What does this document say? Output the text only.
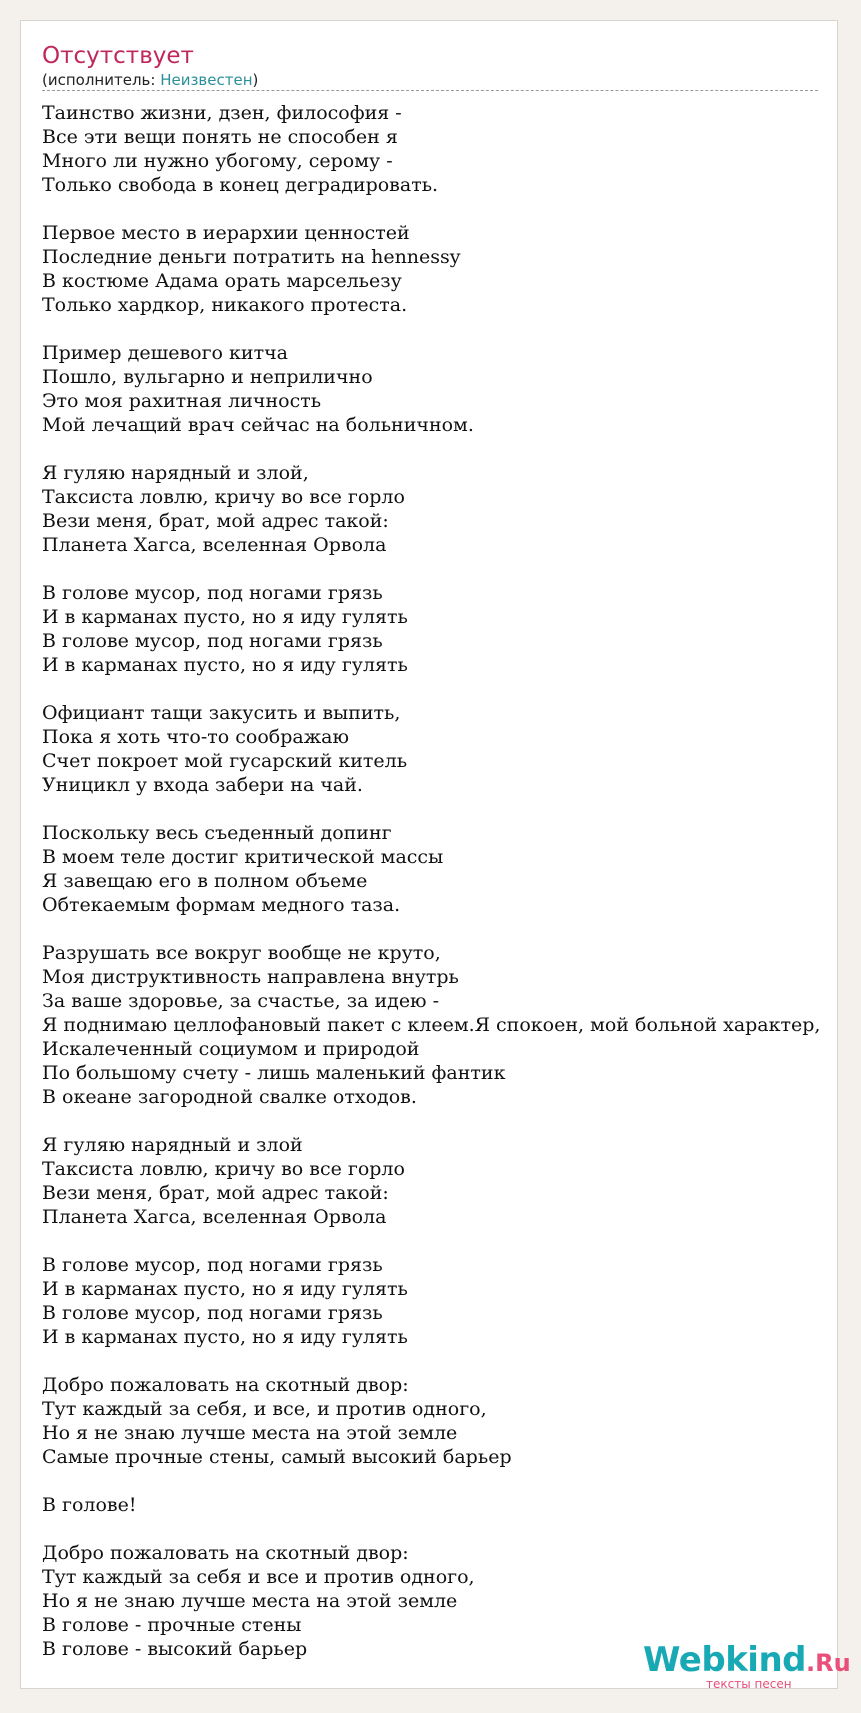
Отсутствует
(исполнитель: Неизвестен)
Таинство жизни, дзен, философия -
Все эти вещи понять не способен я
Много ли нужно убогому, серому -
Только свобода в конец деградировать.

Первое место в иерархии ценностей
Последние деньги потратить на hennessy
В костюме Адама орать марсельезу
Только хардкор, никакого протеста.

Пример дешевого китча
Пошло, вульгарно и неприлично
Это моя рахитная личность
Мой лечащий врач сейчас на больничном.

Я гуляю нарядный и злой,
Таксиста ловлю, кричу во все горло
Вези меня, брат, мой адрес такой:
Планета Хагса, вселенная Орвола

В голове мусор, под ногами грязь
И в карманах пусто, но я иду гулять
В голове мусор, под ногами грязь
И в карманах пусто, но я иду гулять

Официант тащи закусить и выпить,
Пока я хоть что-то соображаю
Счет покроет мой гусарский китель
Уницикл у входа забери на чай.

Поскольку весь съеденный допинг
В моем теле достиг критической массы
Я завещаю его в полном объеме
Обтекаемым формам медного таза.

Разрушать все вокруг вообще не круто,
Моя диструктивность направлена внутрь
За ваше здоровье, за счастье, за идею -
Я поднимаю целлофановый пакет с клеем.Я спокоен, мой больной характер,
Искалеченный социумом и природой
По большому счету - лишь маленький фантик
В океане загородной свалке отходов.

Я гуляю нарядный и злой
Таксиста ловлю, кричу во все горло
Вези меня, брат, мой адрес такой:
Планета Хагса, вселенная Орвола

В голове мусор, под ногами грязь
И в карманах пусто, но я иду гулять
В голове мусор, под ногами грязь
И в карманах пусто, но я иду гулять

Добро пожаловать на скотный двор:
Тут каждый за себя, и все, и против одного,
Но я не знаю лучше места на этой земле
Самые прочные стены, самый высокий барьер

В голове!

Добро пожаловать на скотный двор:
Тут каждый за себя и все и против одного,
Но я не знаю лучше места на этой земле
В голове - прочные стены
В голове - высокий барьер	Webkind.Ru
тексты песен
